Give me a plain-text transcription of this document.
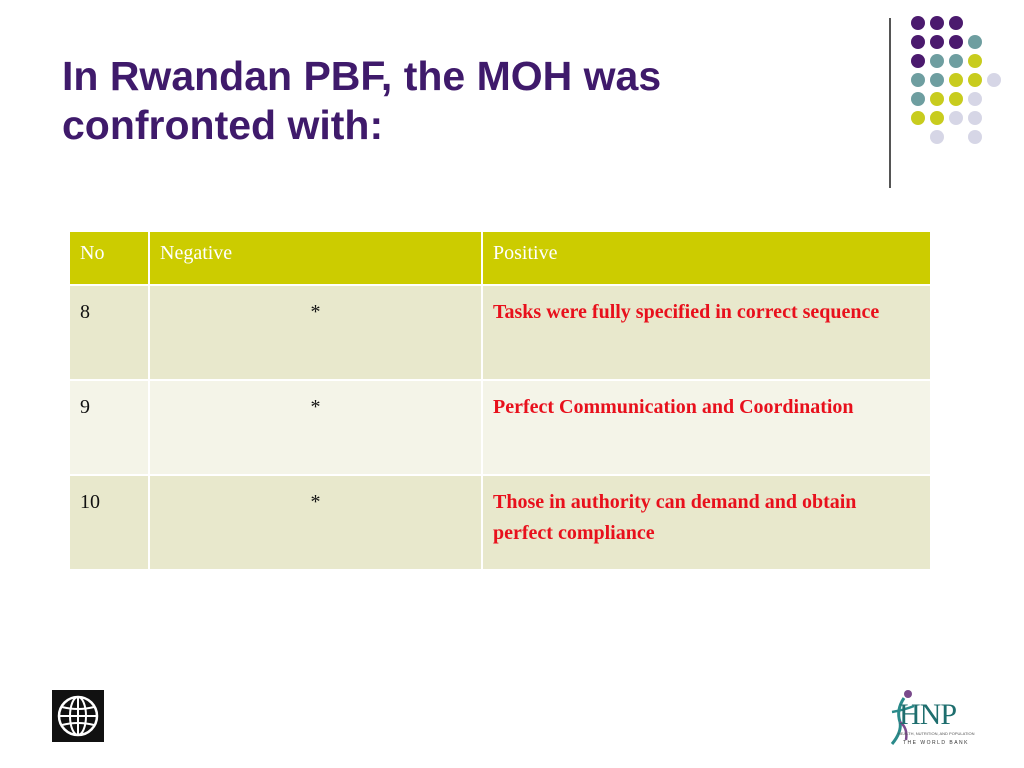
In Rwandan PBF, the MOH was
confronted with:
No	Negative	Positive
8	*	Tasks were fully specified in correct sequence
9	*	Perfect Communication and Coordination
10	*	Those in authority can demand and obtain perfect compliance
HNP
HEALTH, NUTRITION, AND POPULATION
THE WORLD BANK
